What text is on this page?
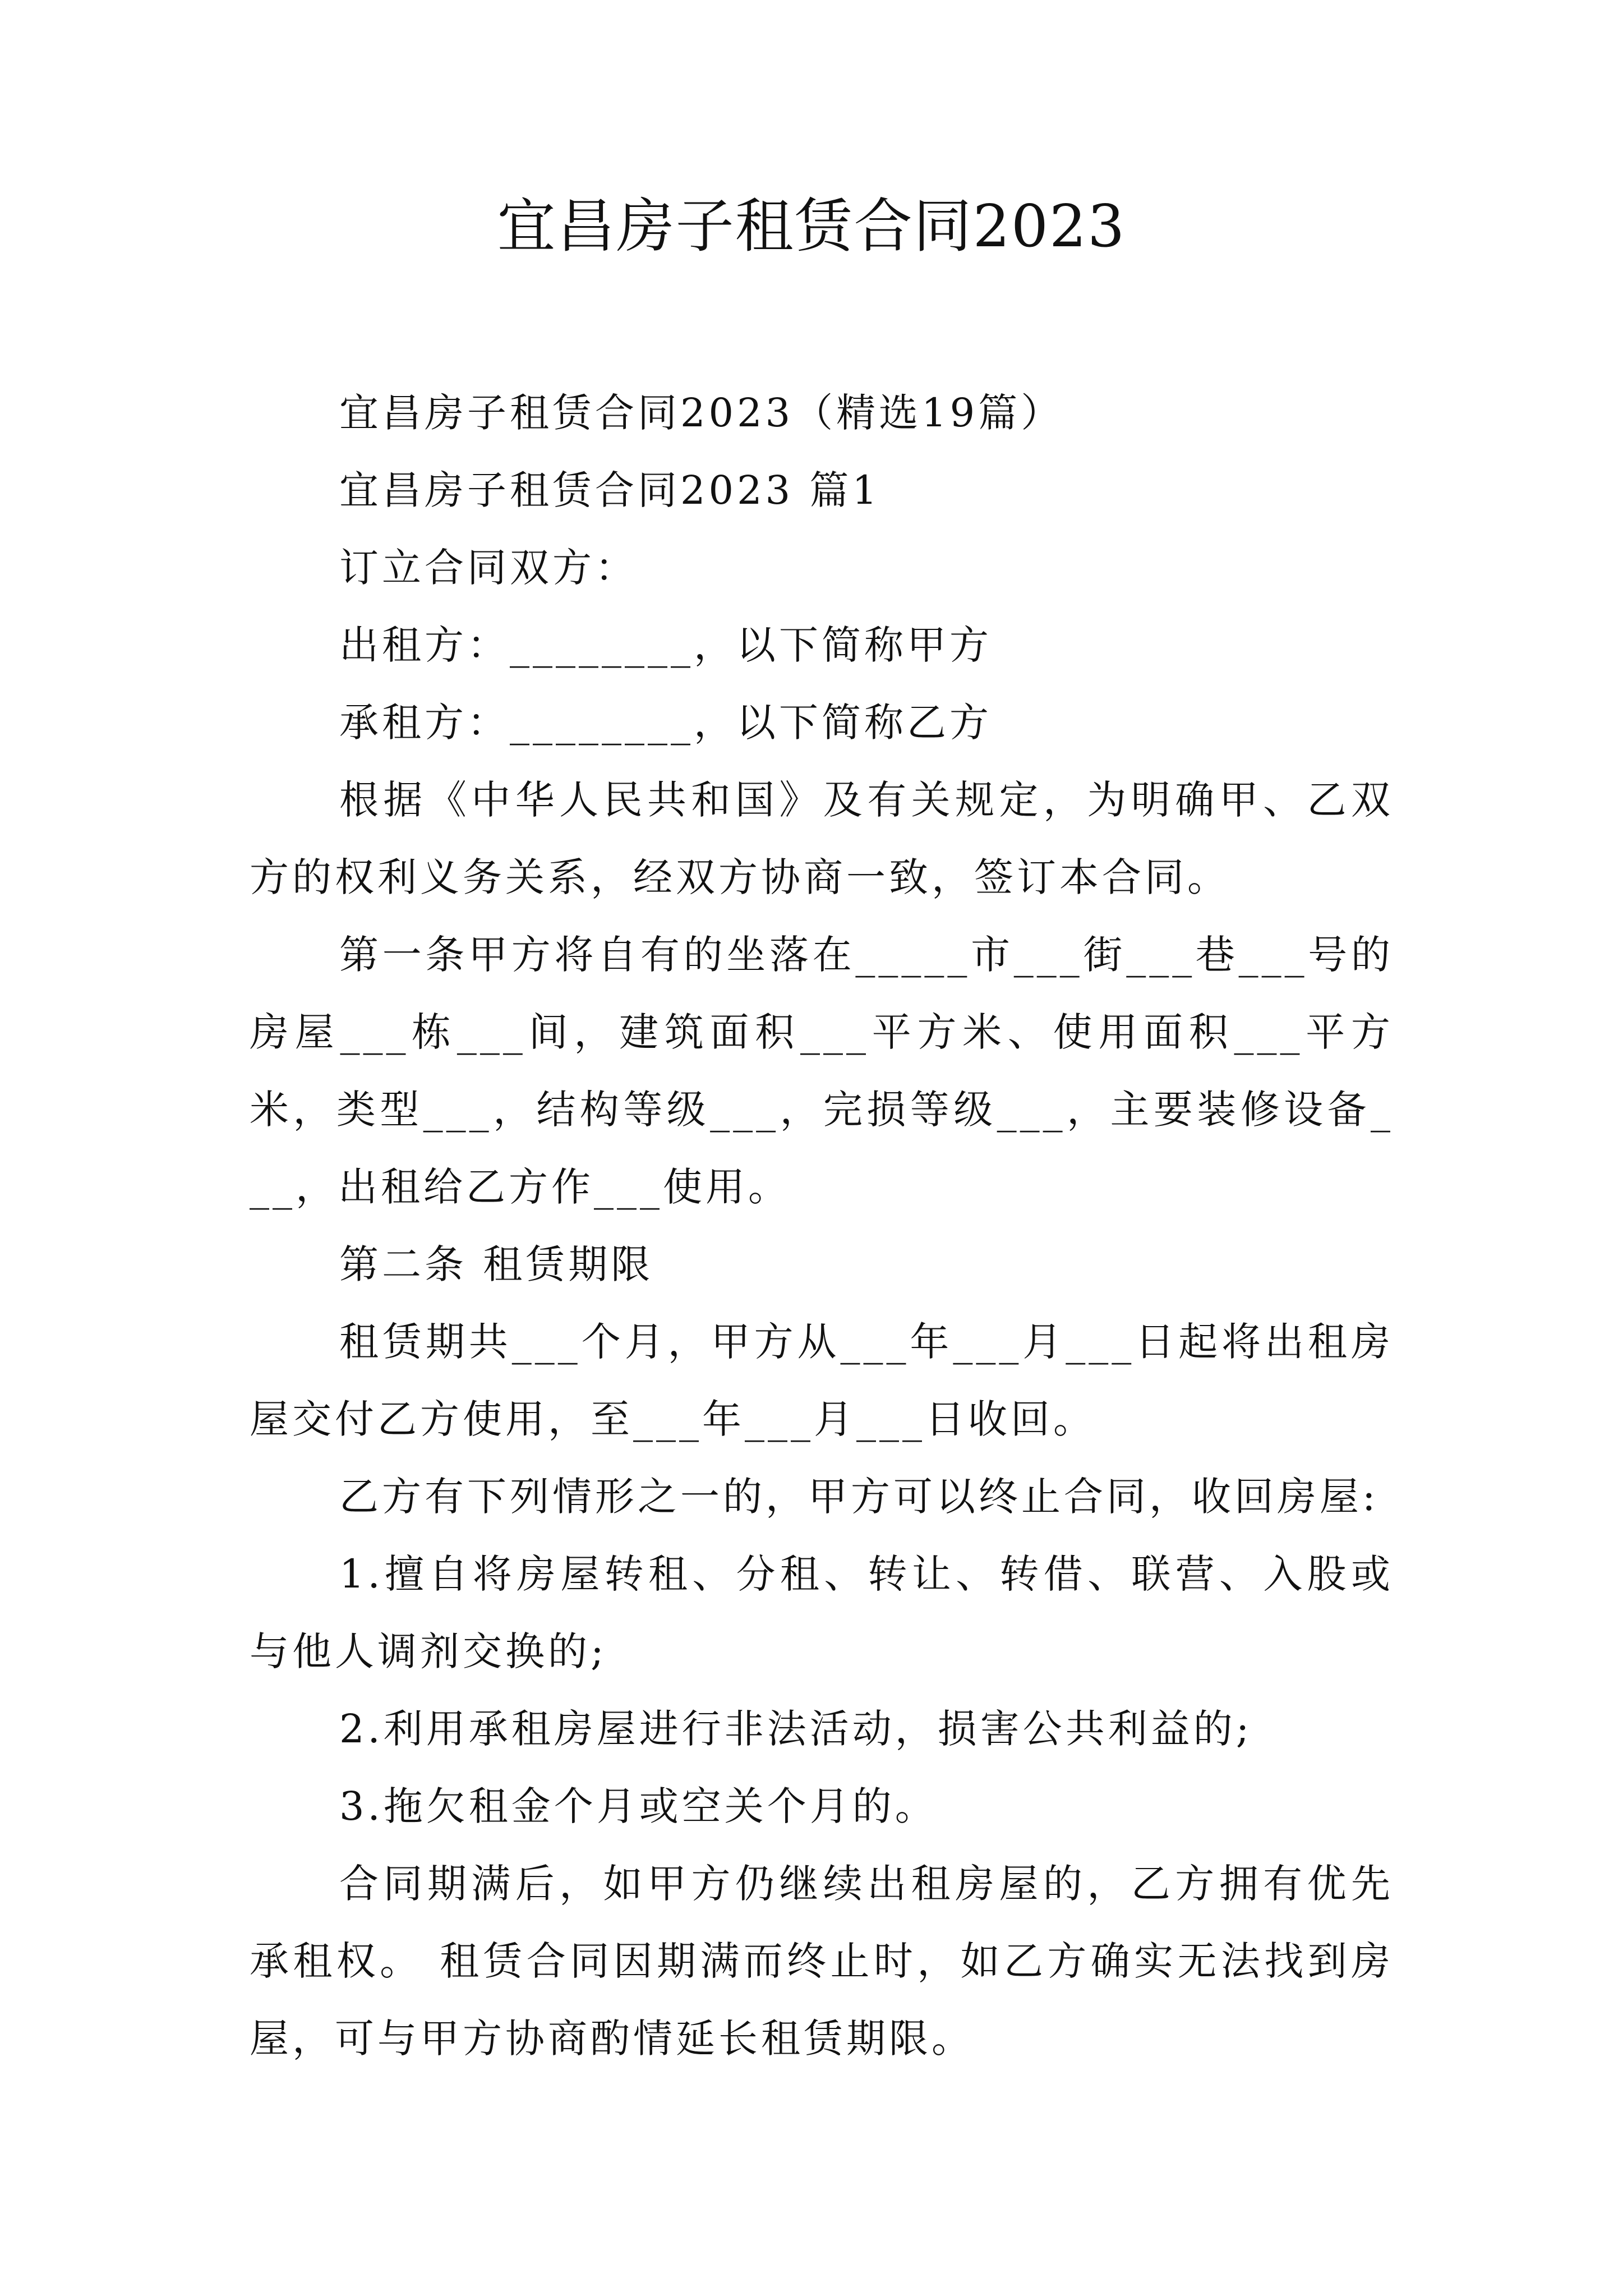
宜昌房子租赁合同2023

宜昌房子租赁合同2023（精选19篇）

宜昌房子租赁合同2023 篇1

订立合同双方：

出租方：________，以下简称甲方

承租方：________，以下简称乙方

根据《中华人民共和国》及有关规定，为明确甲、乙双方的权利义务关系，经双方协商一致，签订本合同。

第一条甲方将自有的坐落在_____市___街___巷___号的房屋___栋___间，建筑面积___平方米、使用面积___平方米，类型___，结构等级___，完损等级___，主要装修设备___，出租给乙方作___使用。

第二条 租赁期限

租赁期共___个月，甲方从___年___月___日起将出租房屋交付乙方使用，至___年___月___日收回。

乙方有下列情形之一的，甲方可以终止合同，收回房屋:

1.擅自将房屋转租、分租、转让、转借、联营、入股或与他人调剂交换的;

2.利用承租房屋进行非法活动，损害公共利益的;

3.拖欠租金个月或空关个月的。

合同期满后，如甲方仍继续出租房屋的，乙方拥有优先承租权。 租赁合同因期满而终止时，如乙方确实无法找到房屋，可与甲方协商酌情延长租赁期限。
